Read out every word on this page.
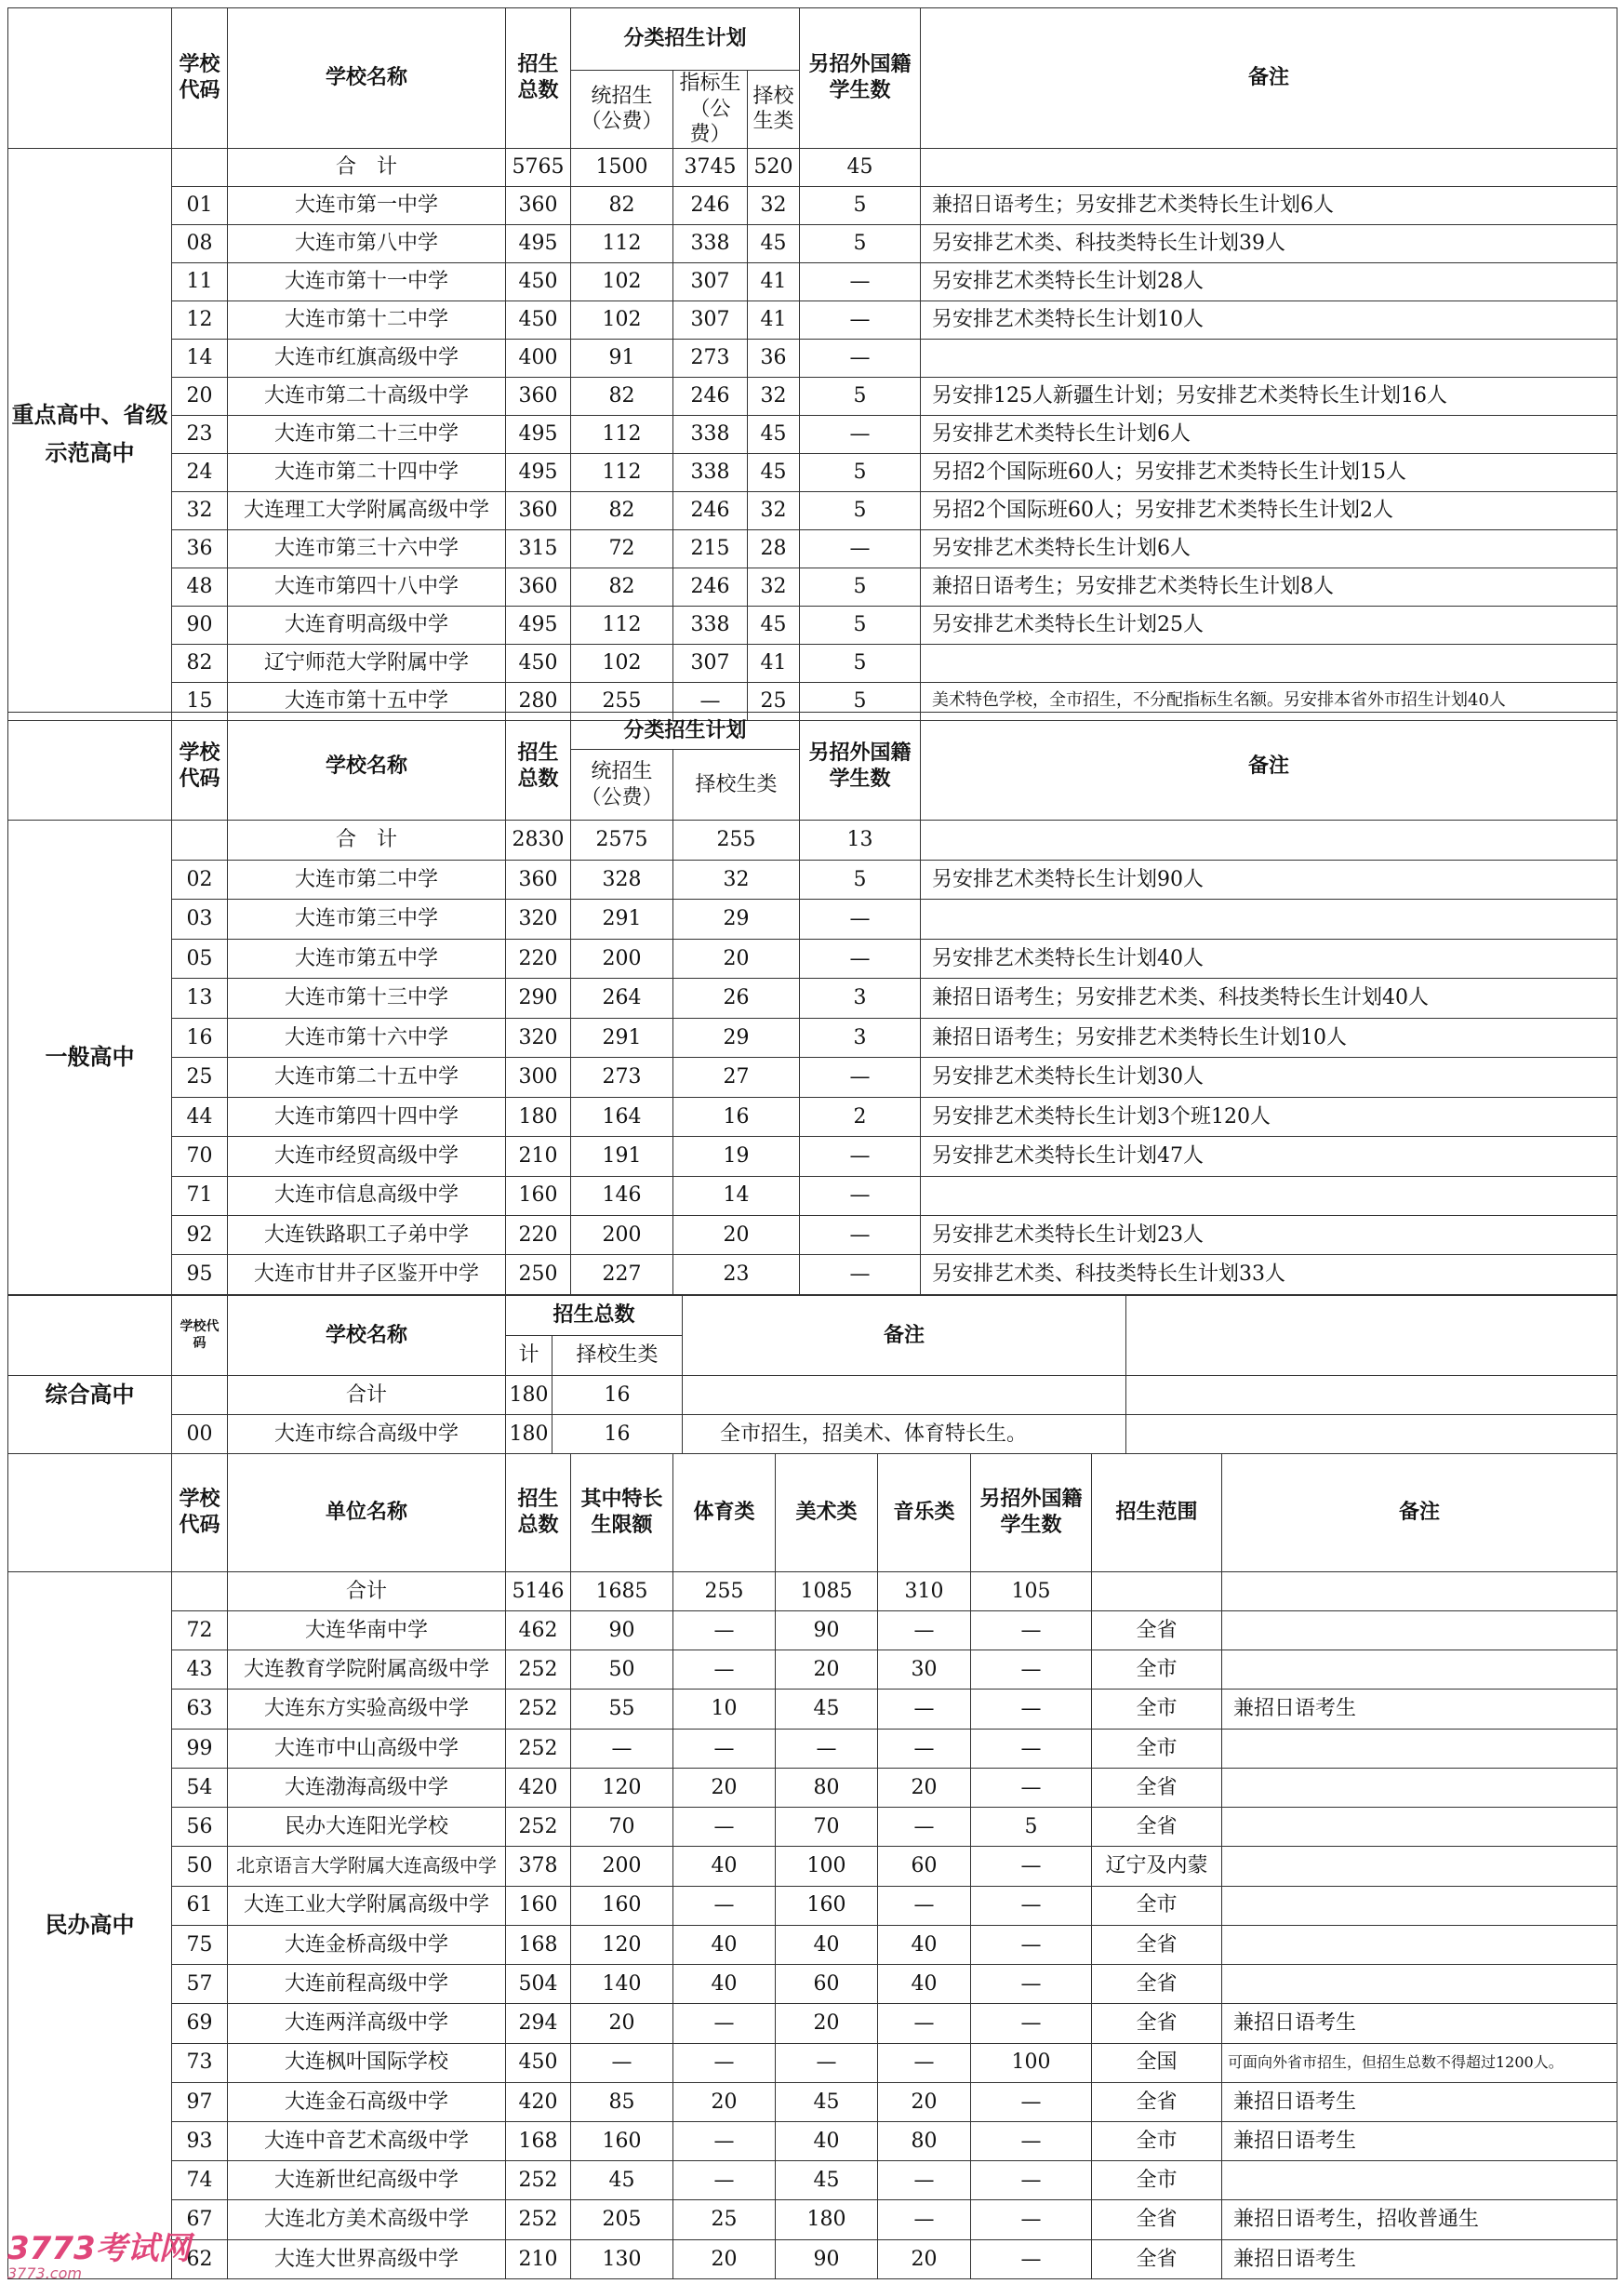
	学校代码	学校名称	招生总数	分类招生计划			另招外国籍学生数	备注
				统招生（公费）	指标生（公费）	择校生类		
重点高中、省级示范高中		合　计	5765	1500	3745	520	45	
	01	大连市第一中学	360	82	246	32	5	兼招日语考生；另安排艺术类特长生计划6人
	08	大连市第八中学	495	112	338	45	5	另安排艺术类、科技类特长生计划39人
	11	大连市第十一中学	450	102	307	41	—	另安排艺术类特长生计划28人
	12	大连市第十二中学	450	102	307	41	—	另安排艺术类特长生计划10人
	14	大连市红旗高级中学	400	91	273	36	—	
	20	大连市第二十高级中学	360	82	246	32	5	另安排125人新疆生计划；另安排艺术类特长生计划16人
	23	大连市第二十三中学	495	112	338	45	—	另安排艺术类特长生计划6人
	24	大连市第二十四中学	495	112	338	45	5	另招2个国际班60人；另安排艺术类特长生计划15人
	32	大连理工大学附属高级中学	360	82	246	32	5	另招2个国际班60人；另安排艺术类特长生计划2人
	36	大连市第三十六中学	315	72	215	28	—	另安排艺术类特长生计划6人
	48	大连市第四十八中学	360	82	246	32	5	兼招日语考生；另安排艺术类特长生计划8人
	90	大连育明高级中学	495	112	338	45	5	另安排艺术类特长生计划25人
	82	辽宁师范大学附属中学	450	102	307	41	5	
	15	大连市第十五中学	280	255	—	25	5	美术特色学校，全市招生，不分配指标生名额。另安排本省外市招生计划40人
	学校代码	学校名称	招生总数	分类招生计划		另招外国籍学生数	备注
				统招生（公费）	择校生类		
一般高中		合　计	2830	2575	255	13	
	02	大连市第二中学	360	328	32	5	另安排艺术类特长生计划90人
	03	大连市第三中学	320	291	29	—	
	05	大连市第五中学	220	200	20	—	另安排艺术类特长生计划40人
	13	大连市第十三中学	290	264	26	3	兼招日语考生；另安排艺术类、科技类特长生计划40人
	16	大连市第十六中学	320	291	29	3	兼招日语考生；另安排艺术类特长生计划10人
	25	大连市第二十五中学	300	273	27	—	另安排艺术类特长生计划30人
	44	大连市第四十四中学	180	164	16	2	另安排艺术类特长生计划3个班120人
	70	大连市经贸高级中学	210	191	19	—	另安排艺术类特长生计划47人
	71	大连市信息高级中学	160	146	14	—	
	92	大连铁路职工子弟中学	220	200	20	—	另安排艺术类特长生计划23人
	95	大连市甘井子区鉴开中学	250	227	23	—	另安排艺术类、科技类特长生计划33人
	学校代码	学校名称	招生总数		备注	
			计	择校生类		
综合高中		合计	180	16		
	00	大连市综合高级中学	180	16	全市招生，招美术、体育特长生。	
	学校代码	单位名称	招生总数	其中特长生限额	体育类	美术类	音乐类	另招外国籍学生数	招生范围	备注
民办高中		合计	5146	1685	255	1085	310	105		
	72	大连华南中学	462	90	—	90	—	—	全省	
	43	大连教育学院附属高级中学	252	50	—	20	30	—	全市	
	63	大连东方实验高级中学	252	55	10	45	—	—	全市	兼招日语考生
	99	大连市中山高级中学	252	—	—	—	—	—	全市	
	54	大连渤海高级中学	420	120	20	80	20	—	全省	
	56	民办大连阳光学校	252	70	—	70	—	5	全省	
	50	北京语言大学附属大连高级中学	378	200	40	100	60	—	辽宁及内蒙	
	61	大连工业大学附属高级中学	160	160	—	160	—	—	全市	
	75	大连金桥高级中学	168	120	40	40	40	—	全省	
	57	大连前程高级中学	504	140	40	60	40	—	全省	
	69	大连两洋高级中学	294	20	—	20	—	—	全省	兼招日语考生
	73	大连枫叶国际学校	450	—	—	—	—	100	全国	可面向外省市招生，但招生总数不得超过1200人。
	97	大连金石高级中学	420	85	20	45	20	—	全省	兼招日语考生
	93	大连中音艺术高级中学	168	160	—	40	80	—	全市	兼招日语考生
	74	大连新世纪高级中学	252	45	—	45	—	—	全市	
	67	大连北方美术高级中学	252	205	25	180	—	—	全省	兼招日语考生，招收普通生
	62	大连大世界高级中学	210	130	20	90	20	—	全省	兼招日语考生
3773考试网
3773.com
